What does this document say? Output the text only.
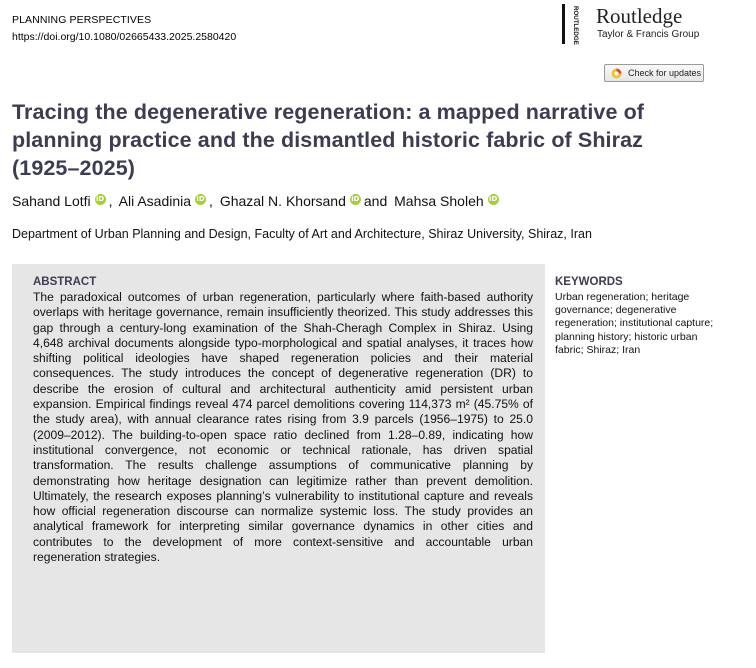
PLANNING PERSPECTIVES
https://doi.org/10.1080/02665433.2025.2580420	ROUTLEDGE Routledge
Taylor & Francis Group
Check for updates
Tracing the degenerative regeneration: a mapped narrative of planning practice and the dismantled historic fabric of Shiraz (1925–2025)
Sahand Lotfi iD , Ali Asadinia iD , Ghazal N. Khorsand iD and Mahsa Sholeh iD
Department of Urban Planning and Design, Faculty of Art and Architecture, Shiraz University, Shiraz, Iran
ABSTRACT

The paradoxical outcomes of urban regeneration, particularly where faith-based authority overlaps with heritage governance, remain insufficiently theorized. This study addresses this gap through a century-long examination of the Shah-Cheragh Complex in Shiraz. Using 4,648 archival documents alongside typo-morphological and spatial analyses, it traces how shifting political ideologies have shaped regeneration policies and their material consequences. The study introduces the concept of degenerative regeneration (DR) to describe the erosion of cultural and architectural authenticity amid persistent urban expansion. Empirical findings reveal 474 parcel demolitions covering 114,373 m² (45.75% of the study area), with annual clearance rates rising from 3.9 parcels (1956–1975) to 25.0 (2009–2012). The building-to-open space ratio declined from 1.28–0.89, indicating how institutional convergence, not economic or technical rationale, has driven spatial transformation. The results challenge assumptions of communicative planning by demonstrating how heritage designation can legitimize rather than prevent demolition. Ultimately, the research exposes planning’s vulnerability to institutional capture and reveals how official regeneration discourse can normalize systemic loss. The study provides an analytical framework for interpreting similar governance dynamics in other cities and contributes to the development of more context-sensitive and accountable urban regeneration strategies.

KEYWORDS

Urban regeneration; heritage governance; degenerative regeneration; institutional capture; planning history; historic urban fabric; Shiraz; Iran
